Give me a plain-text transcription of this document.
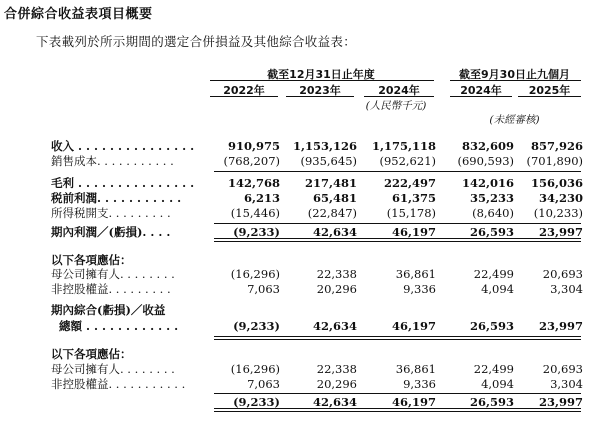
合併綜合收益表項目概要
下表載列於所示期間的選定合併損益及其他綜合收益表：
截至12月31日止年度	截至9月30日止九個月
2022年	2023年	2024年	2024年	2025年
(人民幣千元)
(未經審核)
收入 . . . . . . . . . . . . . . .	910,975	1,153,126	1,175,118	832,609	857,926
銷售成本. . . . . . . . . . .	(768,207)	(935,645)	(952,621)	(690,593)	(701,890)
毛利 . . . . . . . . . . . . . . .	142,768	217,481	222,497	142,016	156,036
税前利潤. . . . . . . . . . .	6,213	65,481	61,375	35,233	34,230
所得税開支. . . . . . . . .	(15,446)	(22,847)	(15,178)	(8,640)	(10,233)
期內利潤／(虧損). . . .	(9,233)	42,634	46,197	26,593	23,997
以下各項應佔：
母公司擁有人. . . . . . . .	(16,296)	22,338	36,861	22,499	20,693
非控股權益. . . . . . . . .	7,063	20,296	9,336	4,094	3,304
期內綜合(虧損)／收益
總額 . . . . . . . . . . . .	(9,233)	42,634	46,197	26,593	23,997
以下各項應佔：
母公司擁有人. . . . . . . .	(16,296)	22,338	36,861	22,499	20,693
非控股權益. . . . . . . . . . .	7,063	20,296	9,336	4,094	3,304
(9,233)	42,634	46,197	26,593	23,997
